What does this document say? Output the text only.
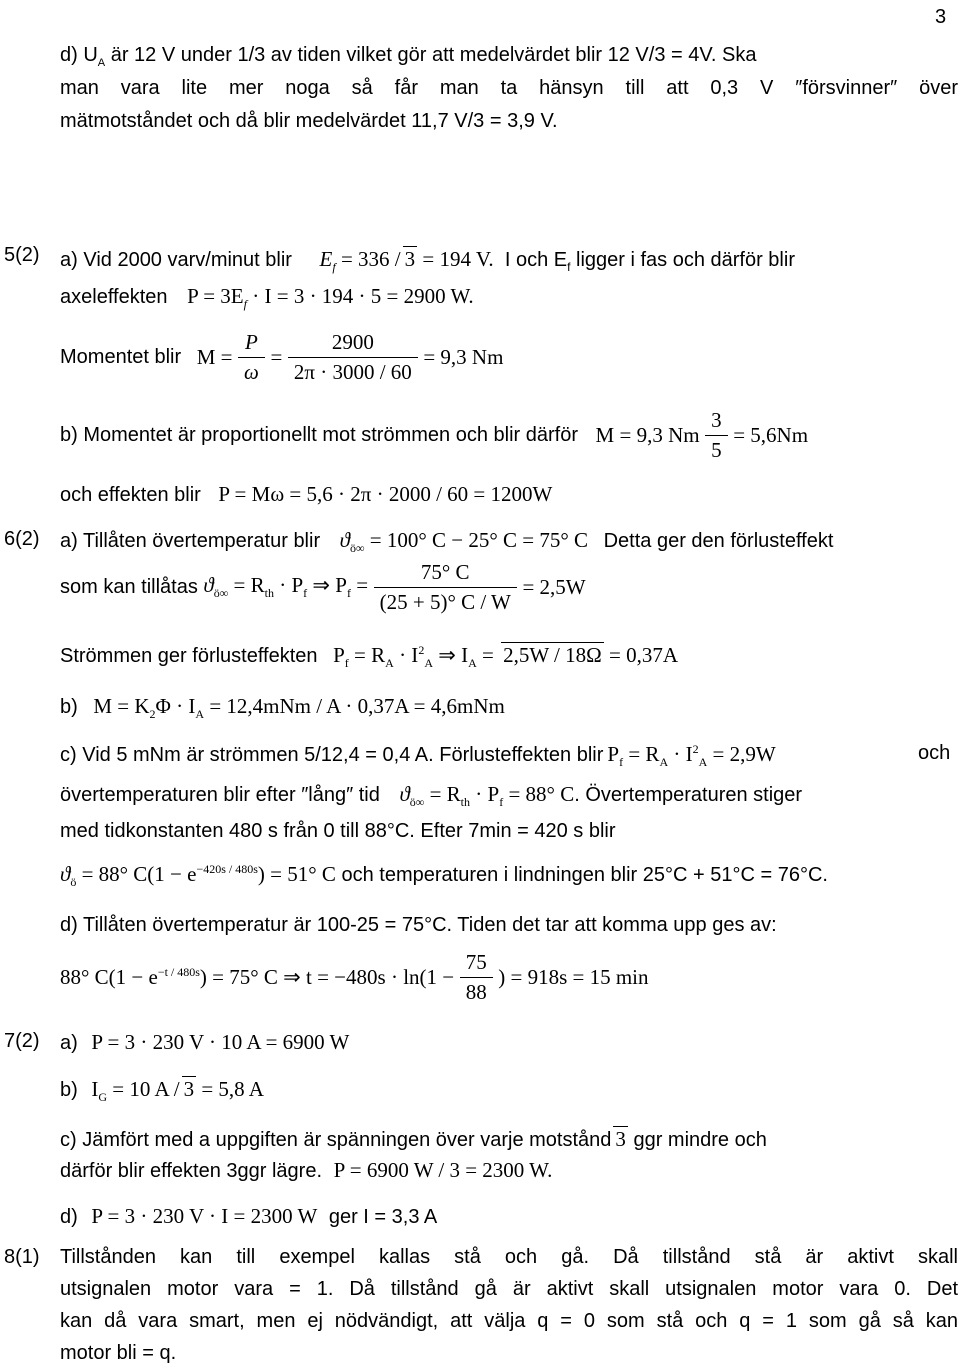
3
d) $U_A$ är 12 V under 1/3 av tiden vilket gör att medelvärdet blir 12 V/3 = 4V. Ska
man vara lite mer noga så får man ta hänsyn till att 0,3 V ″försvinner″ över
mätmotståndet och då blir medelvärdet 11,7 V/3 = 3,9 V.
5(2) a) Vid 2000 varv/minut blir $E_f = 336 / 3 = 194$ V. I och $E_f$ ligger i fas och därför blir
axeleffekten $P = 3E_f \cdot I = 3 \cdot 194 \cdot 5 = 2900$ W.
Momentet blir $M = \frac{P}{\omega} = \frac{2900}{2\pi \cdot 3000 / 60} = 9,3$ Nm
b) Momentet är proportionellt mot strömmen och blir därför M = 9,3 Nm $\frac{3}{5} = 5,6Nm$
och effekten blir P = Mω = 5,6 · 2π · 2000 / 60 = 1200W
6(2) a) Tillåten övertemperatur blir $ϑ_{ö\infty} = 100^\circ$ C − 25° C = 75° C Detta ger den förlusteffekt
som kan tillåtas $ϑ_{ö\infty} = R_{th} \cdot P_f$ ⇒ $P_f = \frac{75^\circ C}{(25 + 5)^\circ C / W} = 2,5W$
Strömmen ger förlusteffekten $P_f = R_A \cdot I^2_A$ ⇒ $I_A = 2,5W / 18\Omega = 0,37A$
b) $M = K_2\Phi \cdot I_A = 12,4mNm / A \cdot 0,37A = 4,6mNm$
c) Vid 5 mNm är strömmen 5/12,4 = 0,4 A. Förlusteffekten blir $P_f = R_A \cdot I^2_A = 2,9W$	och
övertemperaturen blir efter ″lång″ tid $ϑ_{ö\infty} = R_{th} \cdot P_f = 88^\circ$ C. Övertemperaturen stiger
med tidkonstanten 480 s från 0 till 88°C. Efter 7min = 420 s blir
$ϑ_ö = 88^\circ$ $C(1 - e^{-420s / 480s}) = 51^\circ$ C och temperaturen i lindningen blir 25°C + 51°C = 76°C.
d) Tillåten övertemperatur är 100-25 = 75°C. Tiden det tar att komma upp ges av:
88° $C(1 - e^{-t / 480s}) = 75^\circ$ C ⇒ $t = -480s \cdot \ln(1 - \frac{75}{88}$ ) = 918s = 15 min
7(2) a) P = 3 · 230 V · 10 A = 6900 W
b) $I_G = 10$ A / 3 = 5,8 A
c) Jämfört med a uppgiften är spänningen över varje motstånd 3 ggr mindre och
därför blir effekten 3ggr lägre. P = 6900 W / 3 = 2300 W.
d) P = 3 · 230 V · I = 2300 W ger I = 3,3 A
8(1) Tillstånden kan till exempel kallas stå och gå. Då tillstånd stå är aktivt skall
utsignalen motor vara = 1. Då tillstånd gå är aktivt skall utsignalen motor vara 0. Det
kan då vara smart, men ej nödvändigt, att välja q = 0 som stå och q = 1 som gå så kan
motor bli = q.
